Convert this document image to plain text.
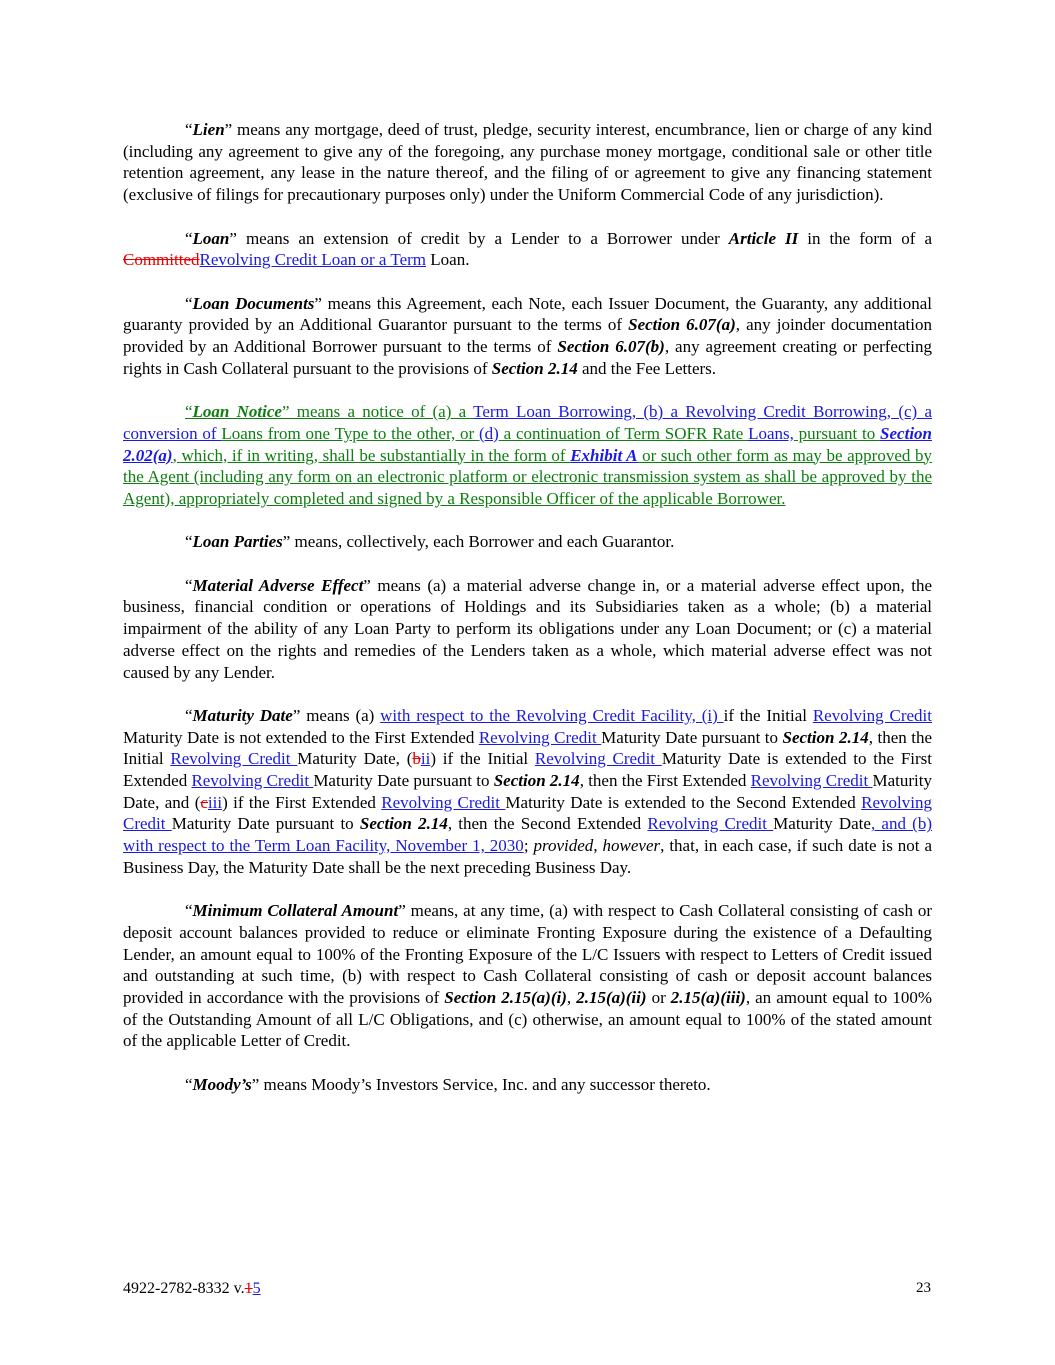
“Lien” means any mortgage, deed of trust, pledge, security interest, encumbrance, lien or charge of any kind (including any agreement to give any of the foregoing, any purchase money mortgage, conditional sale or other title retention agreement, any lease in the nature thereof, and the filing of or agreement to give any financing statement (exclusive of filings for precautionary purposes only) under the Uniform Commercial Code of any jurisdiction).
“Loan” means an extension of credit by a Lender to a Borrower under Article II in the form of a CommittedRevolving Credit Loan or a Term Loan.
“Loan Documents” means this Agreement, each Note, each Issuer Document, the Guaranty, any additional guaranty provided by an Additional Guarantor pursuant to the terms of Section 6.07(a), any joinder documentation provided by an Additional Borrower pursuant to the terms of Section 6.07(b), any agreement creating or perfecting rights in Cash Collateral pursuant to the provisions of Section 2.14 and the Fee Letters.
“Loan Notice” means a notice of (a) a Term Loan Borrowing, (b) a Revolving Credit Borrowing, (c) a conversion of Loans from one Type to the other, or (d) a continuation of Term SOFR Rate Loans, pursuant to Section 2.02(a), which, if in writing, shall be substantially in the form of Exhibit A or such other form as may be approved by the Agent (including any form on an electronic platform or electronic transmission system as shall be approved by the Agent), appropriately completed and signed by a Responsible Officer of the applicable Borrower.
“Loan Parties” means, collectively, each Borrower and each Guarantor.
“Material Adverse Effect” means (a) a material adverse change in, or a material adverse effect upon, the business, financial condition or operations of Holdings and its Subsidiaries taken as a whole; (b) a material impairment of the ability of any Loan Party to perform its obligations under any Loan Document; or (c) a material adverse effect on the rights and remedies of the Lenders taken as a whole, which material adverse effect was not caused by any Lender.
“Maturity Date” means (a) with respect to the Revolving Credit Facility, (i) if the Initial Revolving Credit Maturity Date is not extended to the First Extended Revolving Credit Maturity Date pursuant to Section 2.14, then the Initial Revolving Credit Maturity Date, (bii) if the Initial Revolving Credit Maturity Date is extended to the First Extended Revolving Credit Maturity Date pursuant to Section 2.14, then the First Extended Revolving Credit Maturity Date, and (ciii) if the First Extended Revolving Credit Maturity Date is extended to the Second Extended Revolving Credit Maturity Date pursuant to Section 2.14, then the Second Extended Revolving Credit Maturity Date, and (b) with respect to the Term Loan Facility, November 1, 2030; provided, however, that, in each case, if such date is not a Business Day, the Maturity Date shall be the next preceding Business Day.
“Minimum Collateral Amount” means, at any time, (a) with respect to Cash Collateral consisting of cash or deposit account balances provided to reduce or eliminate Fronting Exposure during the existence of a Defaulting Lender, an amount equal to 100% of the Fronting Exposure of the L/C Issuers with respect to Letters of Credit issued and outstanding at such time, (b) with respect to Cash Collateral consisting of cash or deposit account balances provided in accordance with the provisions of Section 2.15(a)(i), 2.15(a)(ii) or 2.15(a)(iii), an amount equal to 100% of the Outstanding Amount of all L/C Obligations, and (c) otherwise, an amount equal to 100% of the stated amount of the applicable Letter of Credit.
“Moody’s” means Moody’s Investors Service, Inc. and any successor thereto.
4922-2782-8332 v.15	23
